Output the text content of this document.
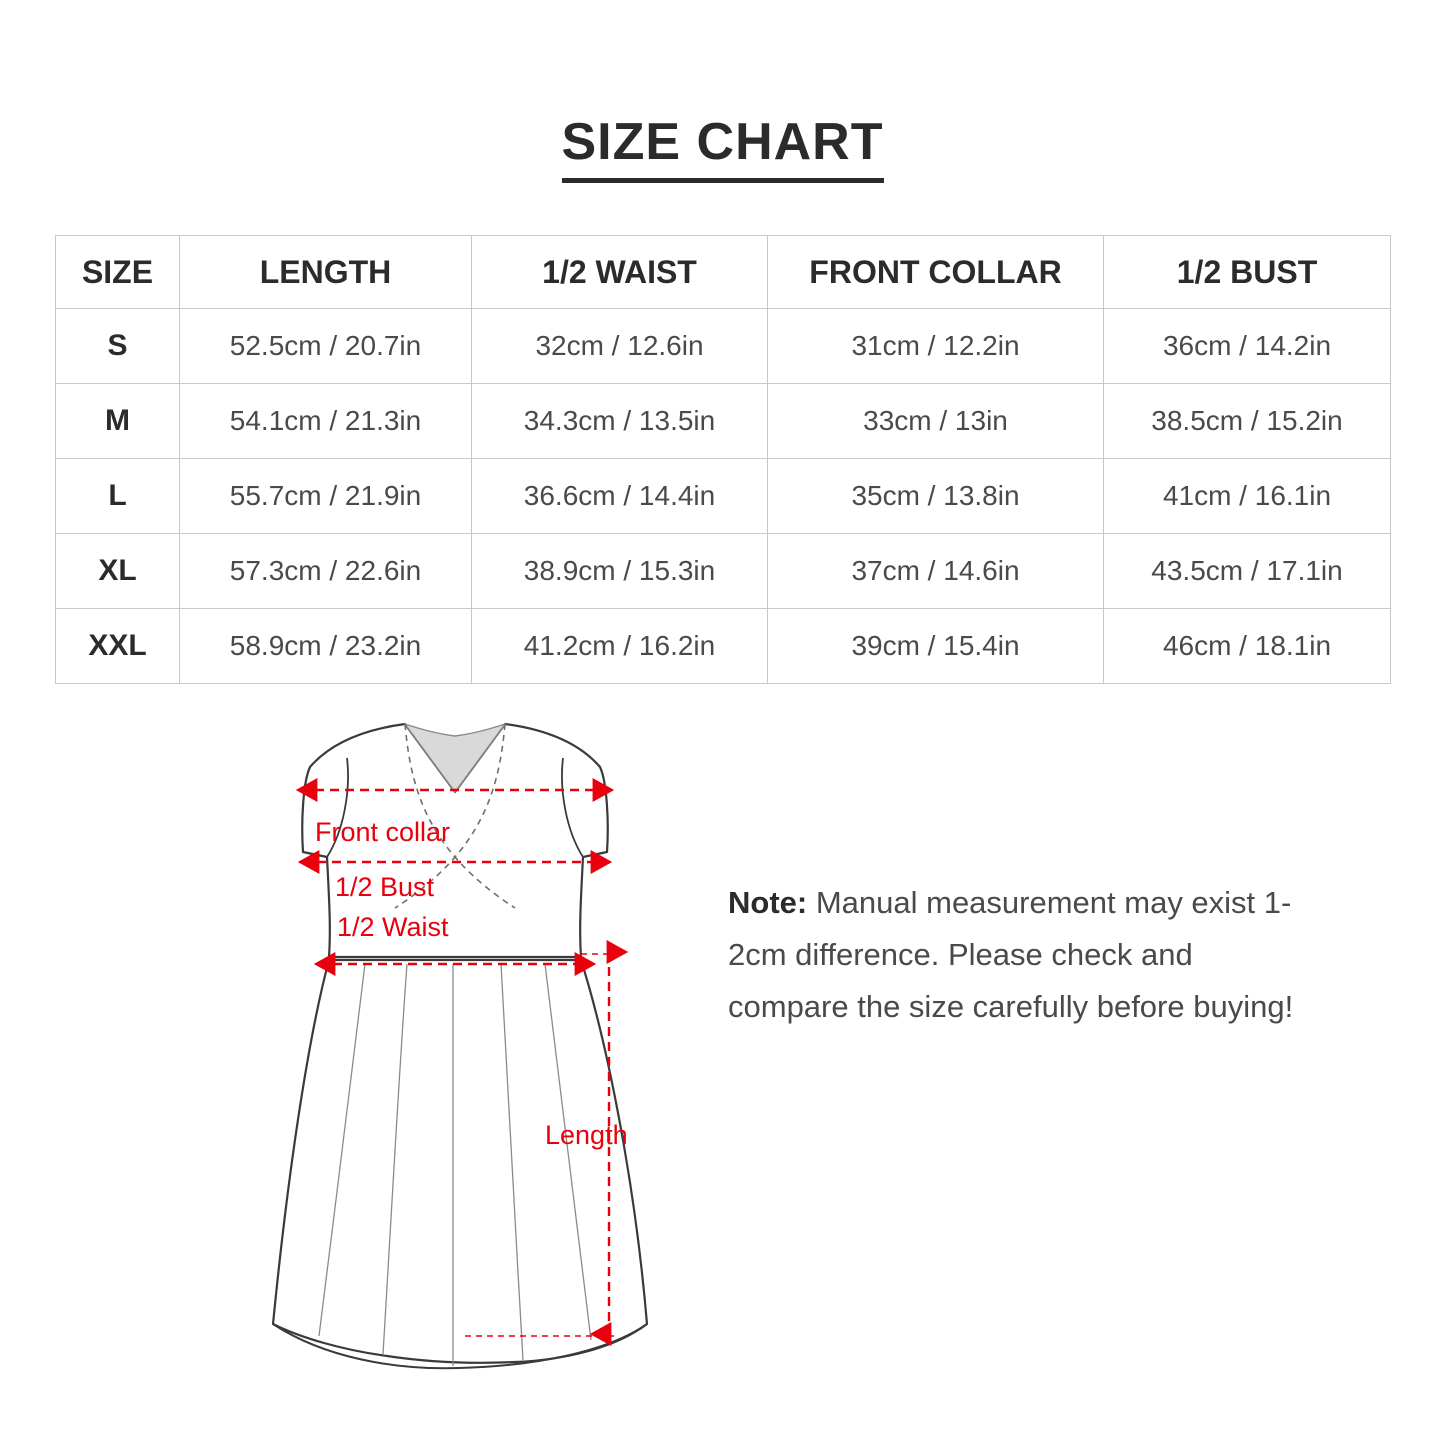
SIZE CHART
SIZE	LENGTH	1/2 WAIST	FRONT COLLAR	1/2 BUST
S	52.5cm / 20.7in	32cm / 12.6in	31cm / 12.2in	36cm / 14.2in
M	54.1cm / 21.3in	34.3cm / 13.5in	33cm / 13in	38.5cm / 15.2in
L	55.7cm / 21.9in	36.6cm / 14.4in	35cm / 13.8in	41cm / 16.1in
XL	57.3cm / 22.6in	38.9cm / 15.3in	37cm / 14.6in	43.5cm / 17.1in
XXL	58.9cm / 23.2in	41.2cm / 16.2in	39cm / 15.4in	46cm / 18.1in
Front collar
1/2 Bust
1/2 Waist
Length
Note: Manual measurement may exist 1-2cm difference. Please check and compare the size carefully before buying!
